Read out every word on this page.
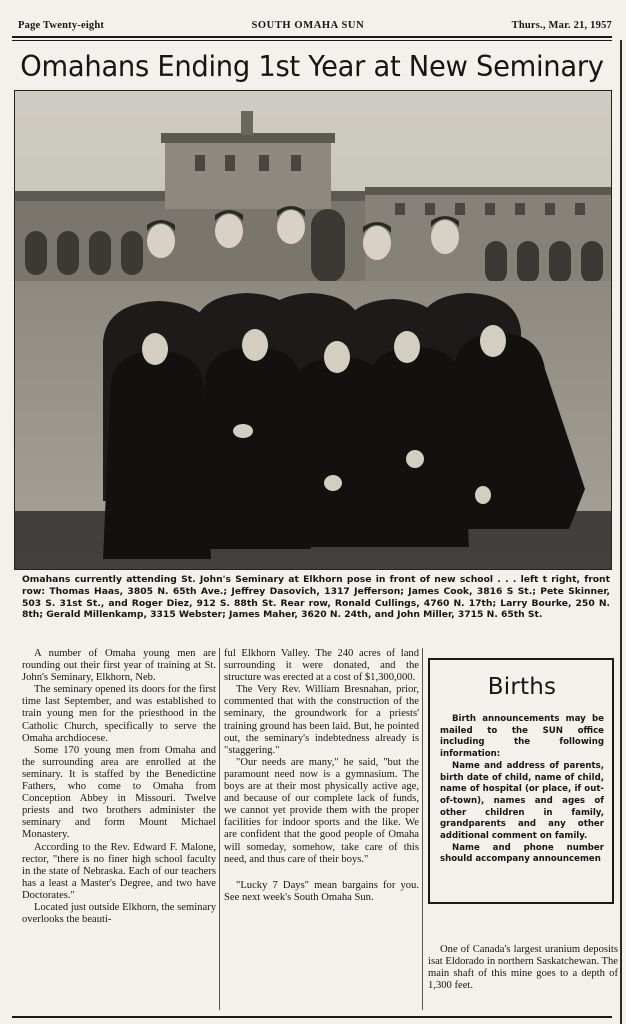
Page Twenty-eight	SOUTH OMAHA SUN	Thurs., Mar. 21, 1957
Omahans Ending 1st Year at New Seminary
Omahans currently attending St. John's Seminary at Elkhorn pose in front of new school . . . left t right, front row: Thomas Haas, 3805 N. 65th Ave.; Jeffrey Dasovich, 1317 Jefferson; James Cook, 3816 S St.; Pete Skinner, 503 S. 31st St., and Roger Diez, 912 S. 88th St. Rear row, Ronald Cullings, 4760 N. 17th; Larry Bourke, 250 N. 8th; Gerald Millenkamp, 3315 Webster; James Maher, 3620 N. 24th, and John Miller, 3715 N. 65th St.

A number of Omaha young men are rounding out their first year of training at St. John's Seminary, Elkhorn, Neb.

The seminary opened its doors for the first time last September, and was established to train young men for the priesthood in the Catholic Church, specifically to serve the Omaha archdiocese.

Some 170 young men from Omaha and the surrounding area are enrolled at the seminary. It is staffed by the Benedictine Fathers, who come to Omaha from Conception Abbey in Missouri. Twelve priests and two brothers administer the seminary and form Mount Michael Monastery.

According to the Rev. Edward F. Malone, rector, "there is no finer high school faculty in the state of Nebraska. Each of our teachers has a least a Master's Degree, and two have Doctorates."

Located just outside Elkhorn, the seminary overlooks the beauti-

ful Elkhorn Valley. The 240 acres of land surrounding it were donated, and the structure was erected at a cost of $1,300,000.

The Very Rev. William Bresnahan, prior, commented that with the construction of the seminary, the groundwork for a priests' training ground has been laid. But, he pointed out, the seminary's indebtedness already is "staggering."

"Our needs are many," he said, "but the paramount need now is a gymnasium. The boys are at their most physically active age, and because of our complete lack of funds, we cannot yet provide them with the proper facilities for indoor sports and the like. We are confident that the good people of Omaha will someday, somehow, take care of this need, and thus care of their boys."

"Lucky 7 Days" mean bargains for you. See next week's South Omaha Sun.

Births

Birth announcements may be mailed to the SUN office including the following information:

Name and address of parents, birth date of child, name of child, name of hospital (or place, if out-of-town), names and ages of other children in family, grandparents and any other additional comment on family.

Name and phone number should accompany announcemen

One of Canada's largest uranium deposits isat Eldorado in northern Saskatchewan. The main shaft of this mine goes to a depth of 1,300 feet.
